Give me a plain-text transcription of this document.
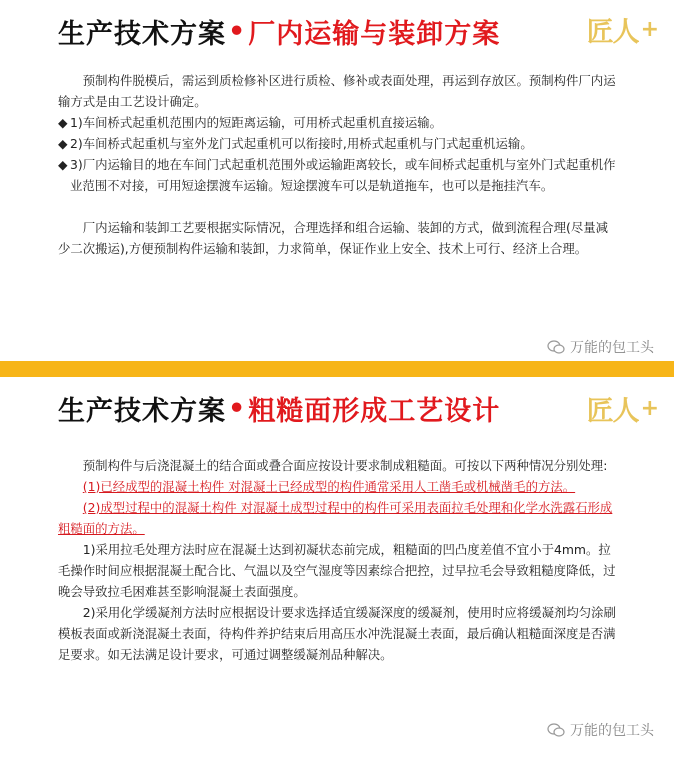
生产技术方案 • 厂内运输与装卸方案	匠人 +

预制构件脱模后，需运到质检修补区进行质检、修补或表面处理，再运到存放区。预制构件厂内运输方式是由工艺设计确定。

◆ 1)车间桥式起重机范围内的短距离运输，可用桥式起重机直接运输。
◆ 2)车间桥式起重机与室外龙门式起重机可以衔接时,用桥式起重机与门式起重机运输。
◆ 3)厂内运输目的地在车间门式起重机范围外或运输距离较长，或车间桥式起重机与室外门式起重机作业范围不对接，可用短途摆渡车运输。短途摆渡车可以是轨道拖车，也可以是拖挂汽车。

厂内运输和装卸工艺要根据实际情况，合理选择和组合运输、装卸的方式，做到流程合理(尽量减少二次搬运),方便预制构件运输和装卸，力求简单，保证作业上安全、技术上可行、经济上合理。

万能的包工头
生产技术方案 • 粗糙面形成工艺设计	匠人 +

预制构件与后浇混凝土的结合面或叠合面应按设计要求制成粗糙面。可按以下两种情况分别处理:

(1)已经成型的混凝土构件 对混凝土已经成型的构件通常采用人工凿毛或机械凿毛的方法。

(2)成型过程中的混凝土构件 对混凝土成型过程中的构件可采用表面拉毛处理和化学水洗露石形成粗糙面的方法。

1)采用拉毛处理方法时应在混凝土达到初凝状态前完成，粗糙面的凹凸度差值不宜小于4mm。拉毛操作时间应根据混凝土配合比、气温以及空气湿度等因素综合把控，过早拉毛会导致粗糙度降低，过晚会导致拉毛困难甚至影响混凝土表面强度。

2)采用化学缓凝剂方法时应根据设计要求选择适宜缓凝深度的缓凝剂，使用时应将缓凝剂均匀涂刷模板表面或新浇混凝土表面，待构件养护结束后用高压水冲洗混凝土表面，最后确认粗糙面深度是否满足要求。如无法满足设计要求，可通过调整缓凝剂品种解决。

万能的包工头
